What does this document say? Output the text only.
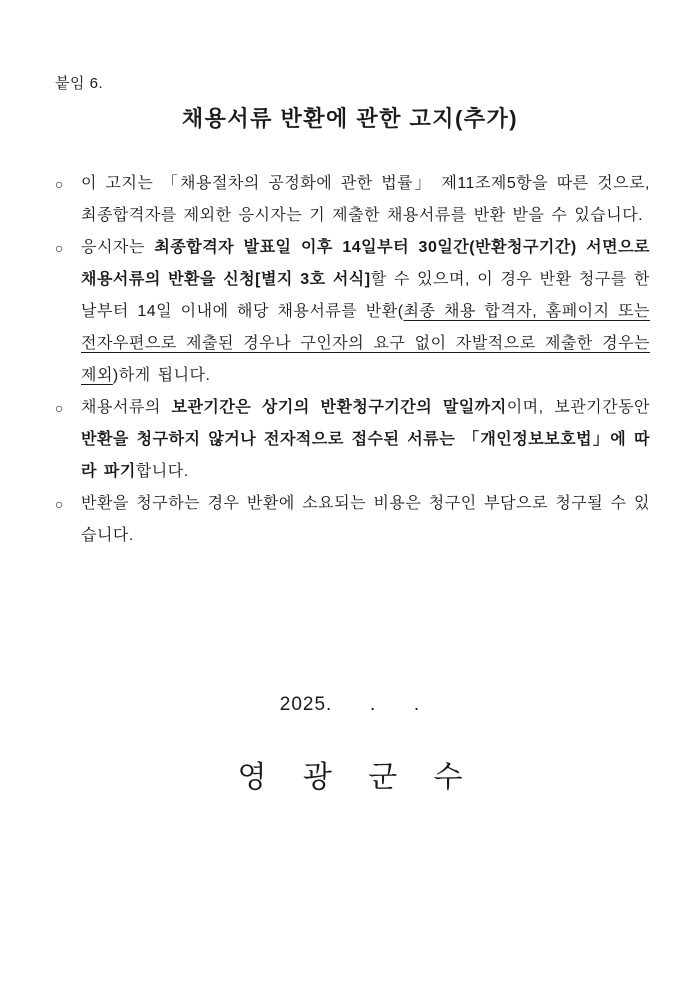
붙임 6.
채용서류 반환에 관한 고지(추가)
○	이 고지는 「채용절차의 공정화에 관한 법률」 제11조제5항을 따른 것으로, 최종합격자를 제외한 응시자는 기 제출한 채용서류를 반환 받을 수 있습니다.

○	응시자는 최종합격자 발표일 이후 14일부터 30일간(반환청구기간) 서면으로 채용서류의 반환을 신청[별지 3호 서식]할 수 있으며, 이 경우 반환 청구를 한 날부터 14일 이내에 해당 채용서류를 반환(최종 채용 합격자, 홈페이지 또는 전자우편으로 제출된 경우나 구인자의 요구 없이 자발적으로 제출한 경우는 제외)하게 됩니다.

○	채용서류의 보관기간은 상기의 반환청구기간의 말일까지이며, 보관기간동안 반환을 청구하지 않거나 전자적으로 접수된 서류는 「개인정보보호법」에 따라 파기합니다.

○	반환을 청구하는 경우 반환에 소요되는 비용은 청구인 부담으로 청구될 수 있습니다.

2025.      .      .
영 광 군 수
